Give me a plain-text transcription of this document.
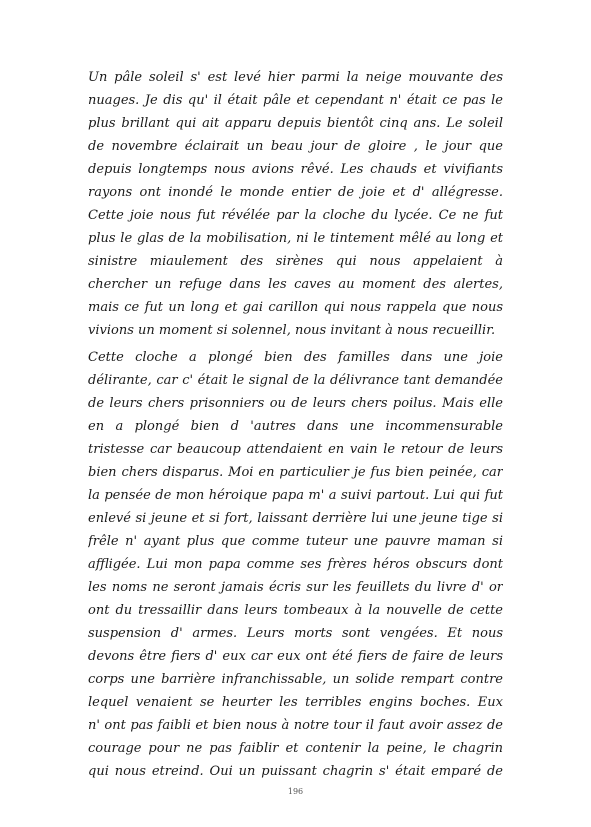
Un pâle soleil s' est levé hier parmi la neige mouvante des
nuages. Je dis qu' il était pâle et cependant n' était ce pas le
plus brillant qui ait apparu depuis bientôt cinq ans. Le soleil
de novembre éclairait un beau jour de gloire , le jour que
depuis longtemps nous avions rêvé. Les chauds et vivifiants
rayons ont inondé le monde entier de joie et d' allégresse.
Cette joie nous fut révélée par la cloche du lycée. Ce ne fut
plus le glas de la mobilisation, ni le tintement mêlé au long et
sinistre miaulement des sirènes qui nous appelaient à
chercher un refuge dans les caves au moment des alertes,
mais ce fut un long et gai carillon qui nous rappela que nous
vivions un moment si solennel, nous invitant à nous recueillir.
Cette cloche a plongé bien des familles dans une joie
délirante, car c' était le signal de la délivrance tant demandée
de leurs chers prisonniers ou de leurs chers poilus. Mais elle
en a plongé bien d 'autres dans une incommensurable
tristesse car beaucoup attendaient en vain le retour de leurs
bien chers disparus. Moi en particulier je fus bien peinée, car
la pensée de mon héroique papa m' a suivi partout. Lui qui fut
enlevé si jeune et si fort, laissant derrière lui une jeune tige si
frêle n' ayant plus que comme tuteur une pauvre maman si
affligée. Lui mon papa comme ses frères héros obscurs dont
les noms ne seront jamais écris sur les feuillets du livre d' or
ont du tressaillir dans leurs tombeaux à la nouvelle de cette
suspension d' armes. Leurs morts sont vengées. Et nous
devons être fiers d' eux car eux ont été fiers de faire de leurs
corps une barrière infranchissable, un solide rempart contre
lequel venaient se heurter les terribles engins boches. Eux
n' ont pas faibli et bien nous à notre tour il faut avoir assez de
courage pour ne pas faiblir et contenir la peine, le chagrin
qui nous etreind. Oui un puissant chagrin s' était emparé de
196
